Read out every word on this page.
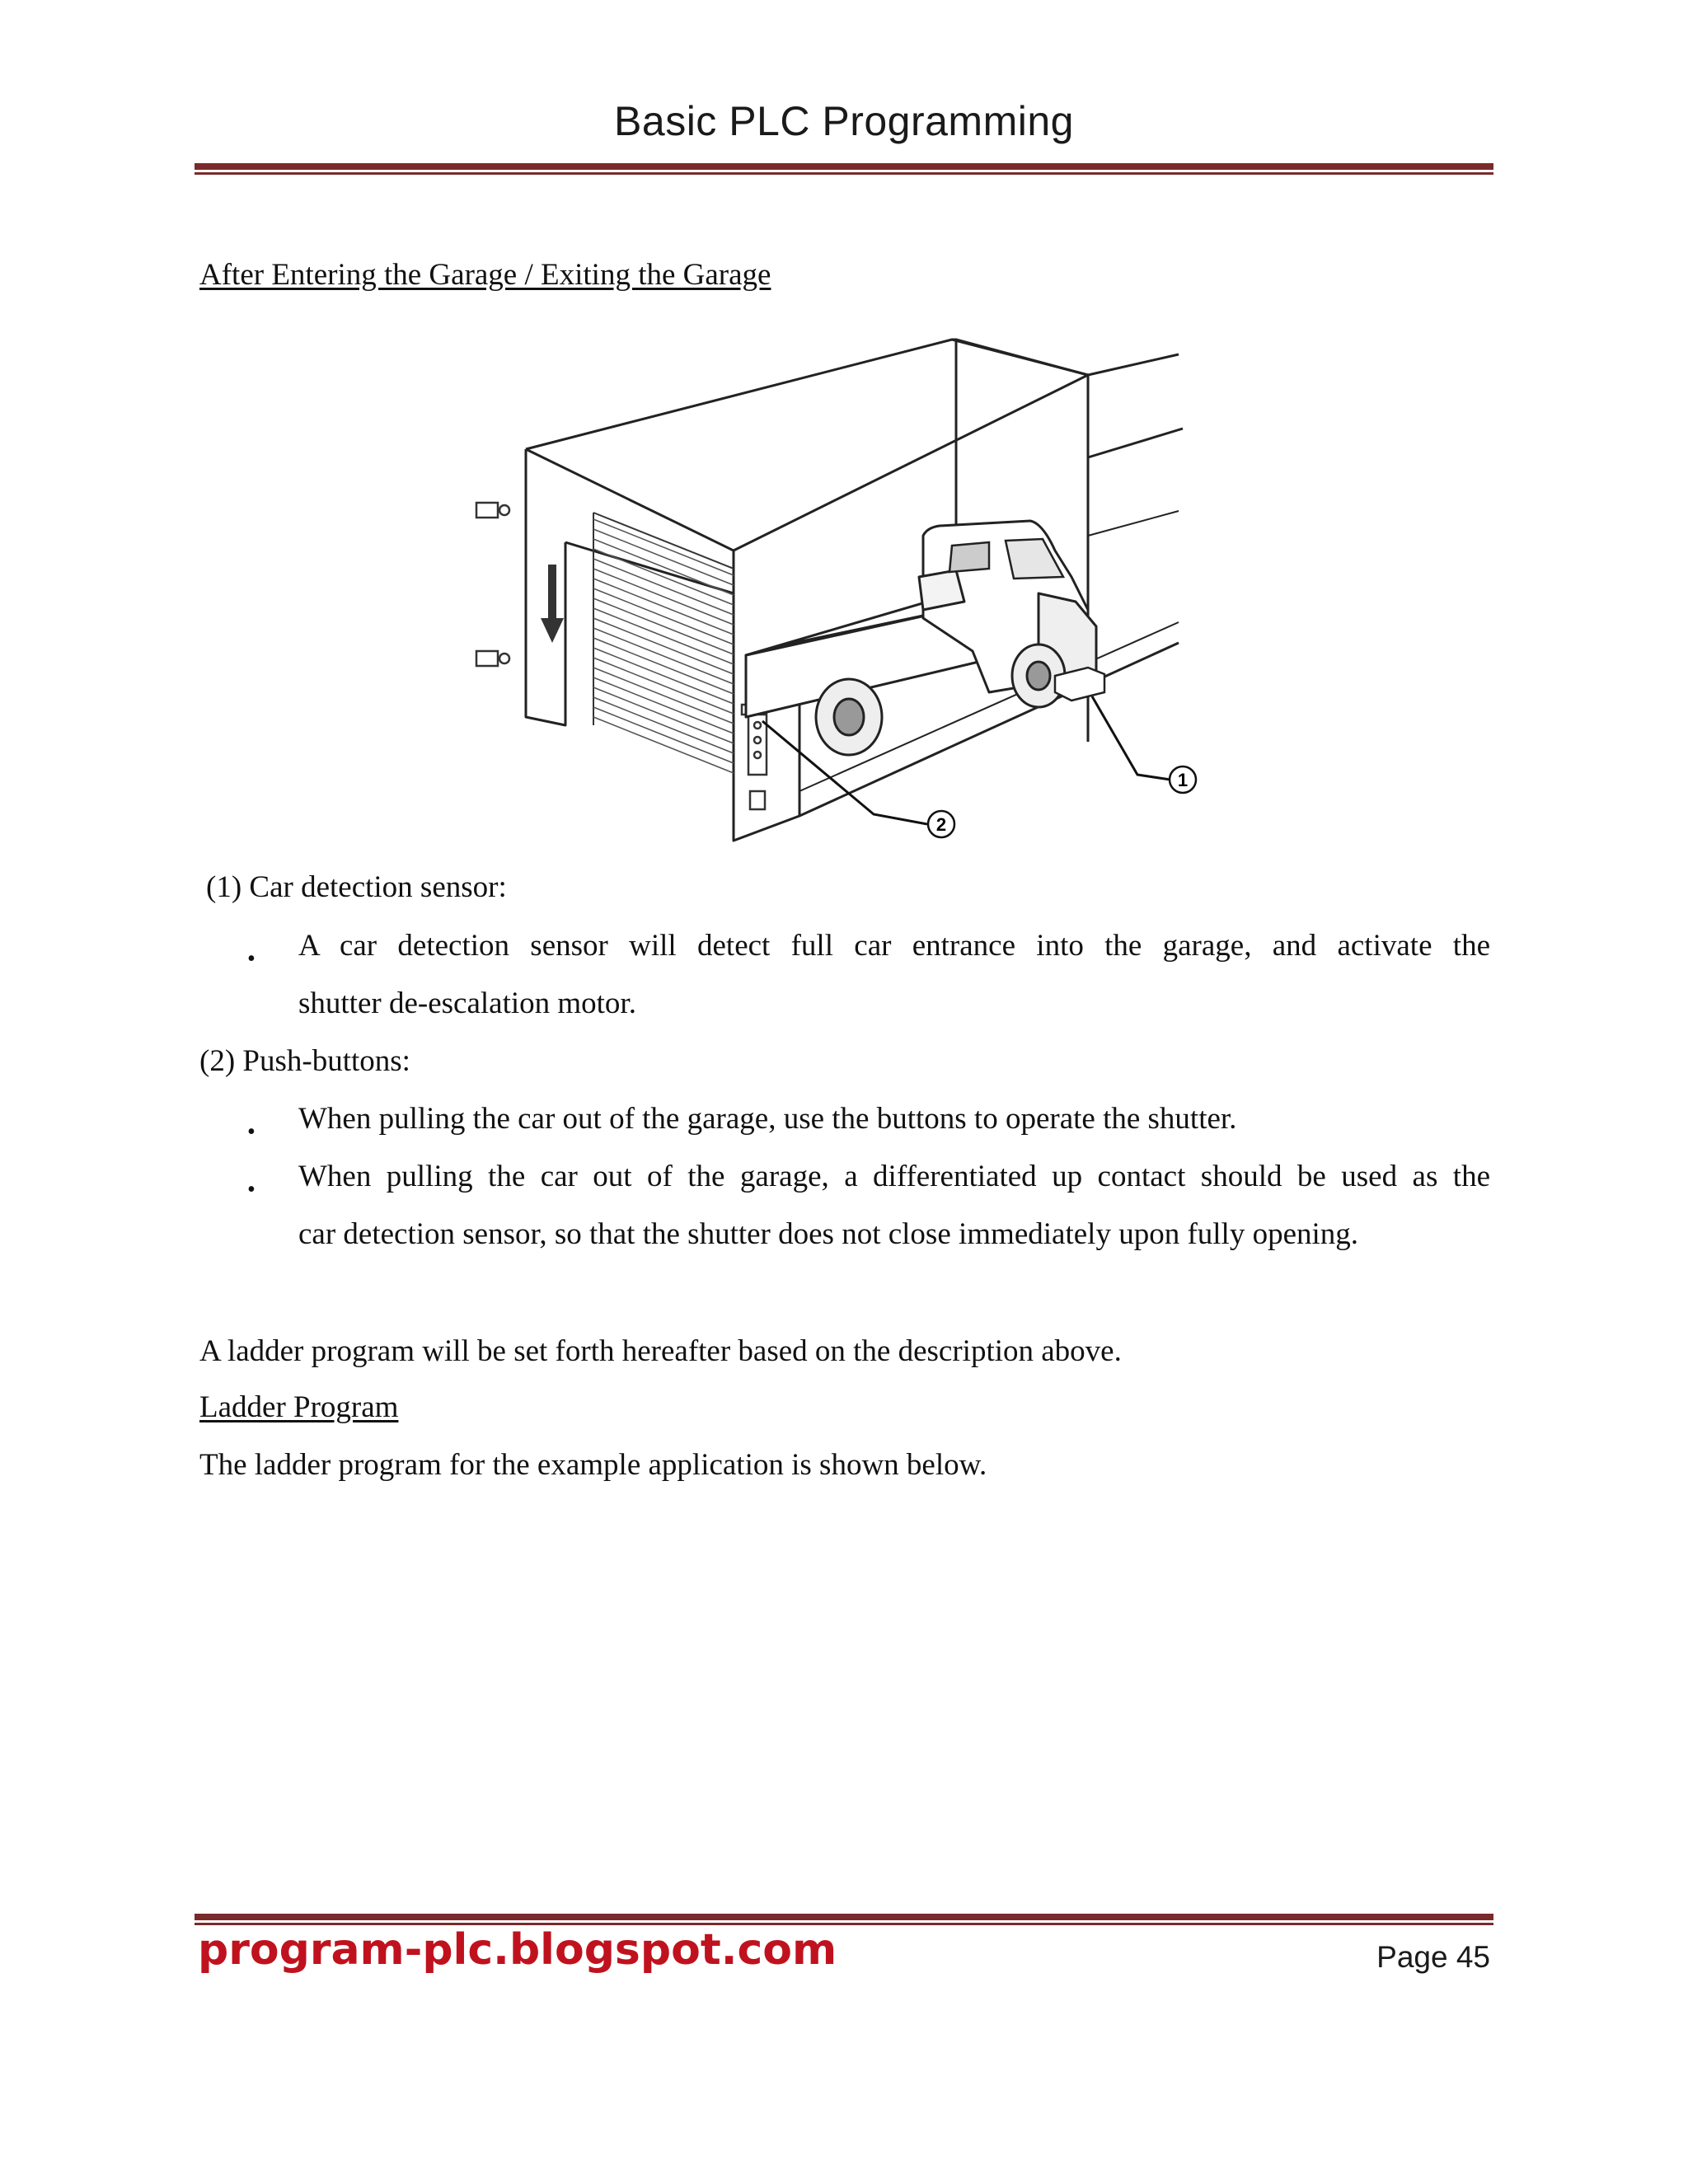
Basic PLC Programming
After Entering the Garage / Exiting the Garage
1
2
(1) Car detection sensor:
• A car detection sensor will detect full car entrance into the garage, and activate the
shutter de-escalation motor.
(2) Push-buttons:
• When pulling the car out of the garage, use the buttons to operate the shutter.
• When pulling the car out of the garage, a differentiated up contact should be used as the
car detection sensor, so that the shutter does not close immediately upon fully opening.
A ladder program will be set forth hereafter based on the description above.
Ladder Program
The ladder program for the example application is shown below.
program-plc.blogspot.com	Page 45
